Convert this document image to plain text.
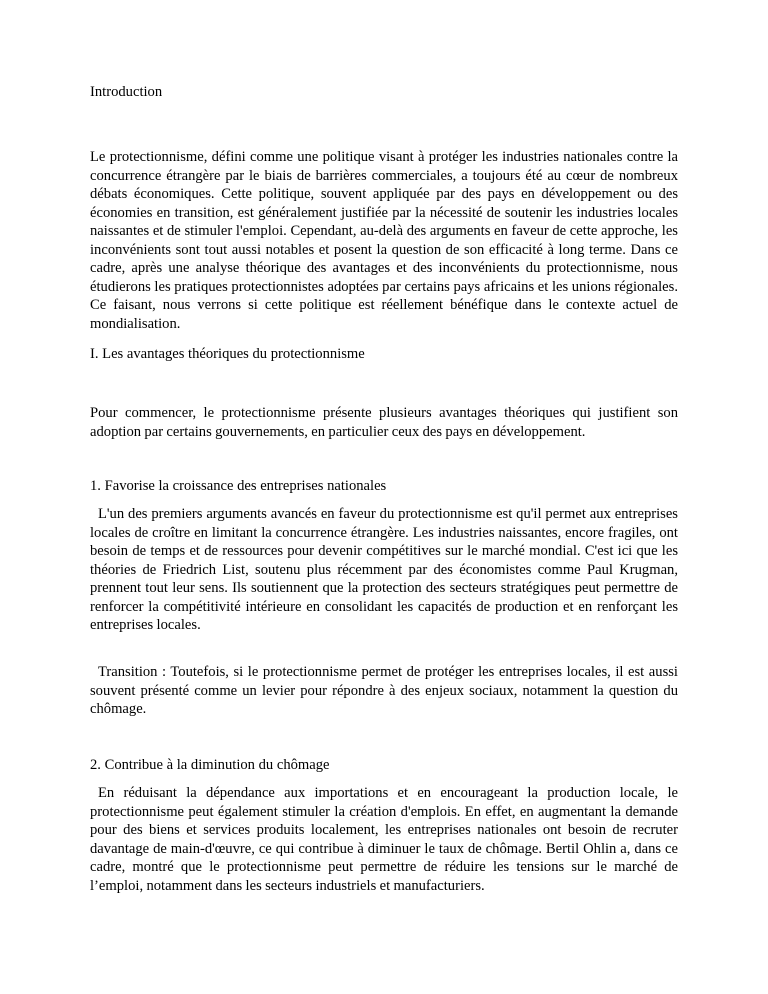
Introduction
Le protectionnisme, défini comme une politique visant à protéger les industries nationales contre la concurrence étrangère par le biais de barrières commerciales, a toujours été au cœur de nombreux débats économiques. Cette politique, souvent appliquée par des pays en développement ou des économies en transition, est généralement justifiée par la nécessité de soutenir les industries locales naissantes et de stimuler l'emploi. Cependant, au-delà des arguments en faveur de cette approche, les inconvénients sont tout aussi notables et posent la question de son efficacité à long terme. Dans ce cadre, après une analyse théorique des avantages et des inconvénients du protectionnisme, nous étudierons les pratiques protectionnistes adoptées par certains pays africains et les unions régionales. Ce faisant, nous verrons si cette politique est réellement bénéfique dans le contexte actuel de mondialisation.
I. Les avantages théoriques du protectionnisme
Pour commencer, le protectionnisme présente plusieurs avantages théoriques qui justifient son adoption par certains gouvernements, en particulier ceux des pays en développement.
1. Favorise la croissance des entreprises nationales
L'un des premiers arguments avancés en faveur du protectionnisme est qu'il permet aux entreprises locales de croître en limitant la concurrence étrangère. Les industries naissantes, encore fragiles, ont besoin de temps et de ressources pour devenir compétitives sur le marché mondial. C'est ici que les théories de Friedrich List, soutenu plus récemment par des économistes comme Paul Krugman, prennent tout leur sens. Ils soutiennent que la protection des secteurs stratégiques peut permettre de renforcer la compétitivité intérieure en consolidant les capacités de production et en renforçant les entreprises locales.
Transition : Toutefois, si le protectionnisme permet de protéger les entreprises locales, il est aussi souvent présenté comme un levier pour répondre à des enjeux sociaux, notamment la question du chômage.
2. Contribue à la diminution du chômage
En réduisant la dépendance aux importations et en encourageant la production locale, le protectionnisme peut également stimuler la création d'emplois. En effet, en augmentant la demande pour des biens et services produits localement, les entreprises nationales ont besoin de recruter davantage de main-d'œuvre, ce qui contribue à diminuer le taux de chômage. Bertil Ohlin a, dans ce cadre, montré que le protectionnisme peut permettre de réduire les tensions sur le marché de l’emploi, notamment dans les secteurs industriels et manufacturiers.
